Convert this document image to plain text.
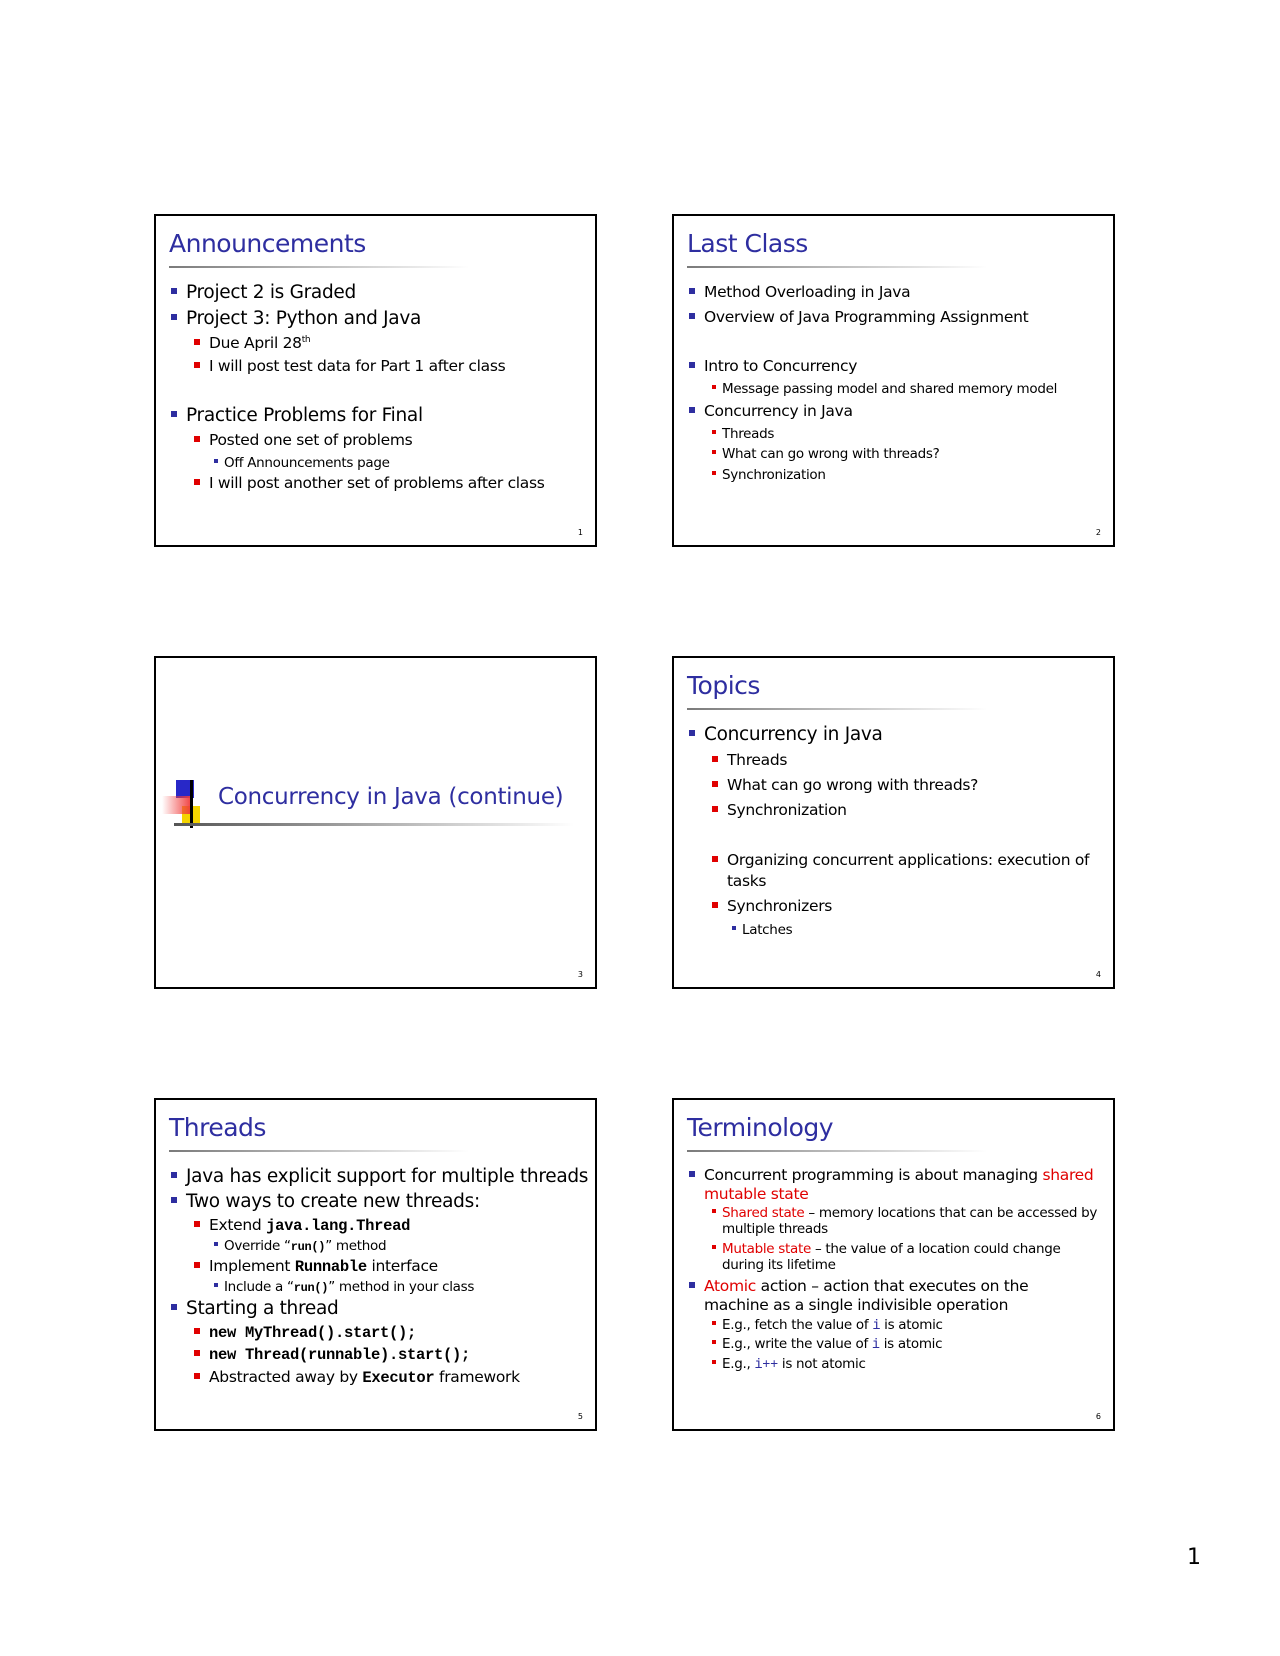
Announcements
Project 2 is Graded
Project 3: Python and Java
Due April 28th
I will post test data for Part 1 after class
Practice Problems for Final
Posted one set of problems
Off Announcements page
I will post another set of problems after class
1
Last Class
Method Overloading in Java
Overview of Java Programming Assignment
Intro to Concurrency
Message passing model and shared memory model
Concurrency in Java
Threads
What can go wrong with threads?
Synchronization
2
Concurrency in Java (continue)
3
Topics
Concurrency in Java
Threads
What can go wrong with threads?
Synchronization
Organizing concurrent applications: execution of
tasks
Synchronizers
Latches
4
Threads
Java has explicit support for multiple threads
Two ways to create new threads:
Extend java.lang.Thread
Override “run()” method
Implement Runnable interface
Include a “run()” method in your class
Starting a thread
new MyThread().start();
new Thread(runnable).start();
Abstracted away by Executor framework
5
Terminology
Concurrent programming is about managing shared
mutable state
Shared state – memory locations that can be accessed by
multiple threads
Mutable state – the value of a location could change
during its lifetime
Atomic action – action that executes on the
machine as a single indivisible operation
E.g., fetch the value of i is atomic
E.g., write the value of i is atomic
E.g., i++ is not atomic
6
1
